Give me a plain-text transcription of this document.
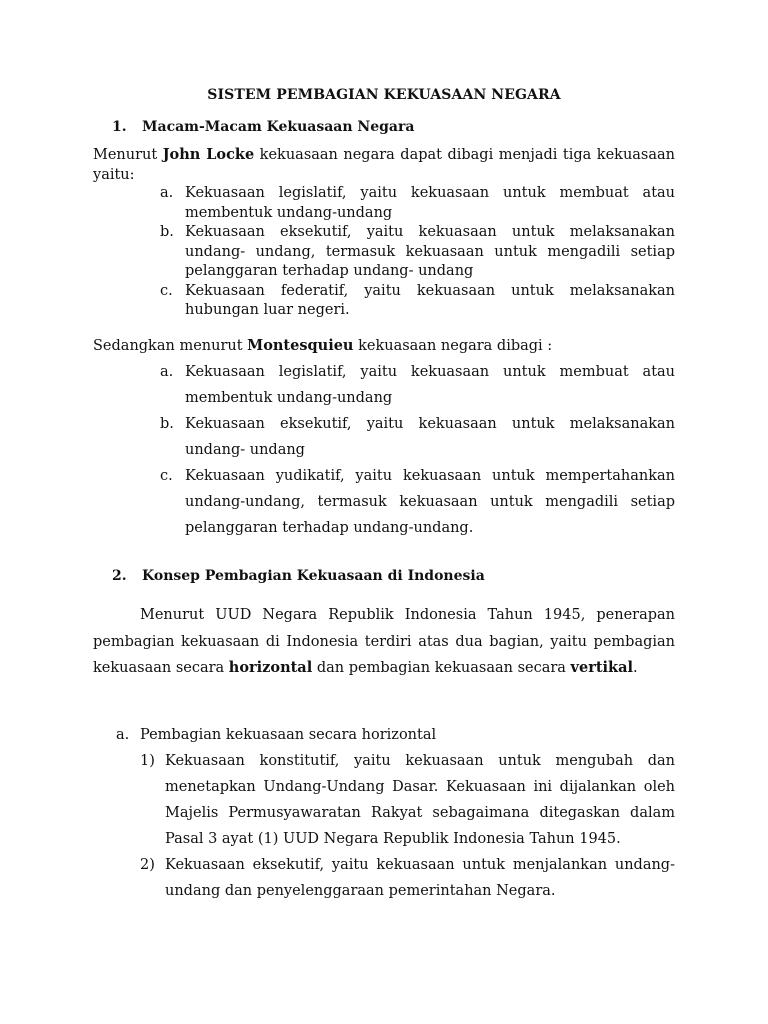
SISTEM PEMBAGIAN KEKUASAAN NEGARA
1. Macam-Macam Kekuasaan Negara

Menurut John Locke kekuasaan negara dapat dibagi menjadi tiga kekuasaan yaitu:

a. Kekuasaan legislatif, yaitu kekuasaan untuk membuat atau membentuk undang-undang
b. Kekuasaan eksekutif, yaitu kekuasaan untuk melaksanakan undang- undang, termasuk kekuasaan untuk mengadili setiap pelanggaran terhadap undang- undang
c. Kekuasaan federatif, yaitu kekuasaan untuk melaksanakan hubungan luar negeri.

Sedangkan menurut Montesquieu kekuasaan negara dibagi :

a. Kekuasaan legislatif, yaitu kekuasaan untuk membuat atau membentuk undang-undang
b. Kekuasaan eksekutif, yaitu kekuasaan untuk melaksanakan undang- undang
c. Kekuasaan yudikatif, yaitu kekuasaan untuk mempertahankan undang-undang, termasuk kekuasaan untuk mengadili setiap pelanggaran terhadap undang-undang.
2. Konsep Pembagian Kekuasaan di Indonesia

Menurut UUD Negara Republik Indonesia Tahun 1945, penerapan pembagian kekuasaan di Indonesia terdiri atas dua bagian, yaitu pembagian kekuasaan secara horizontal dan pembagian kekuasaan secara vertikal.

a. Pembagian kekuasaan secara horizontal
1) Kekuasaan konstitutif, yaitu kekuasaan untuk mengubah dan menetapkan Undang-Undang Dasar. Kekuasaan ini dijalankan oleh Majelis Permusyawaratan Rakyat sebagaimana ditegaskan dalam Pasal 3 ayat (1) UUD Negara Republik Indonesia Tahun 1945.
2) Kekuasaan eksekutif, yaitu kekuasaan untuk menjalankan undang-undang dan penyelenggaraan pemerintahan Negara.
